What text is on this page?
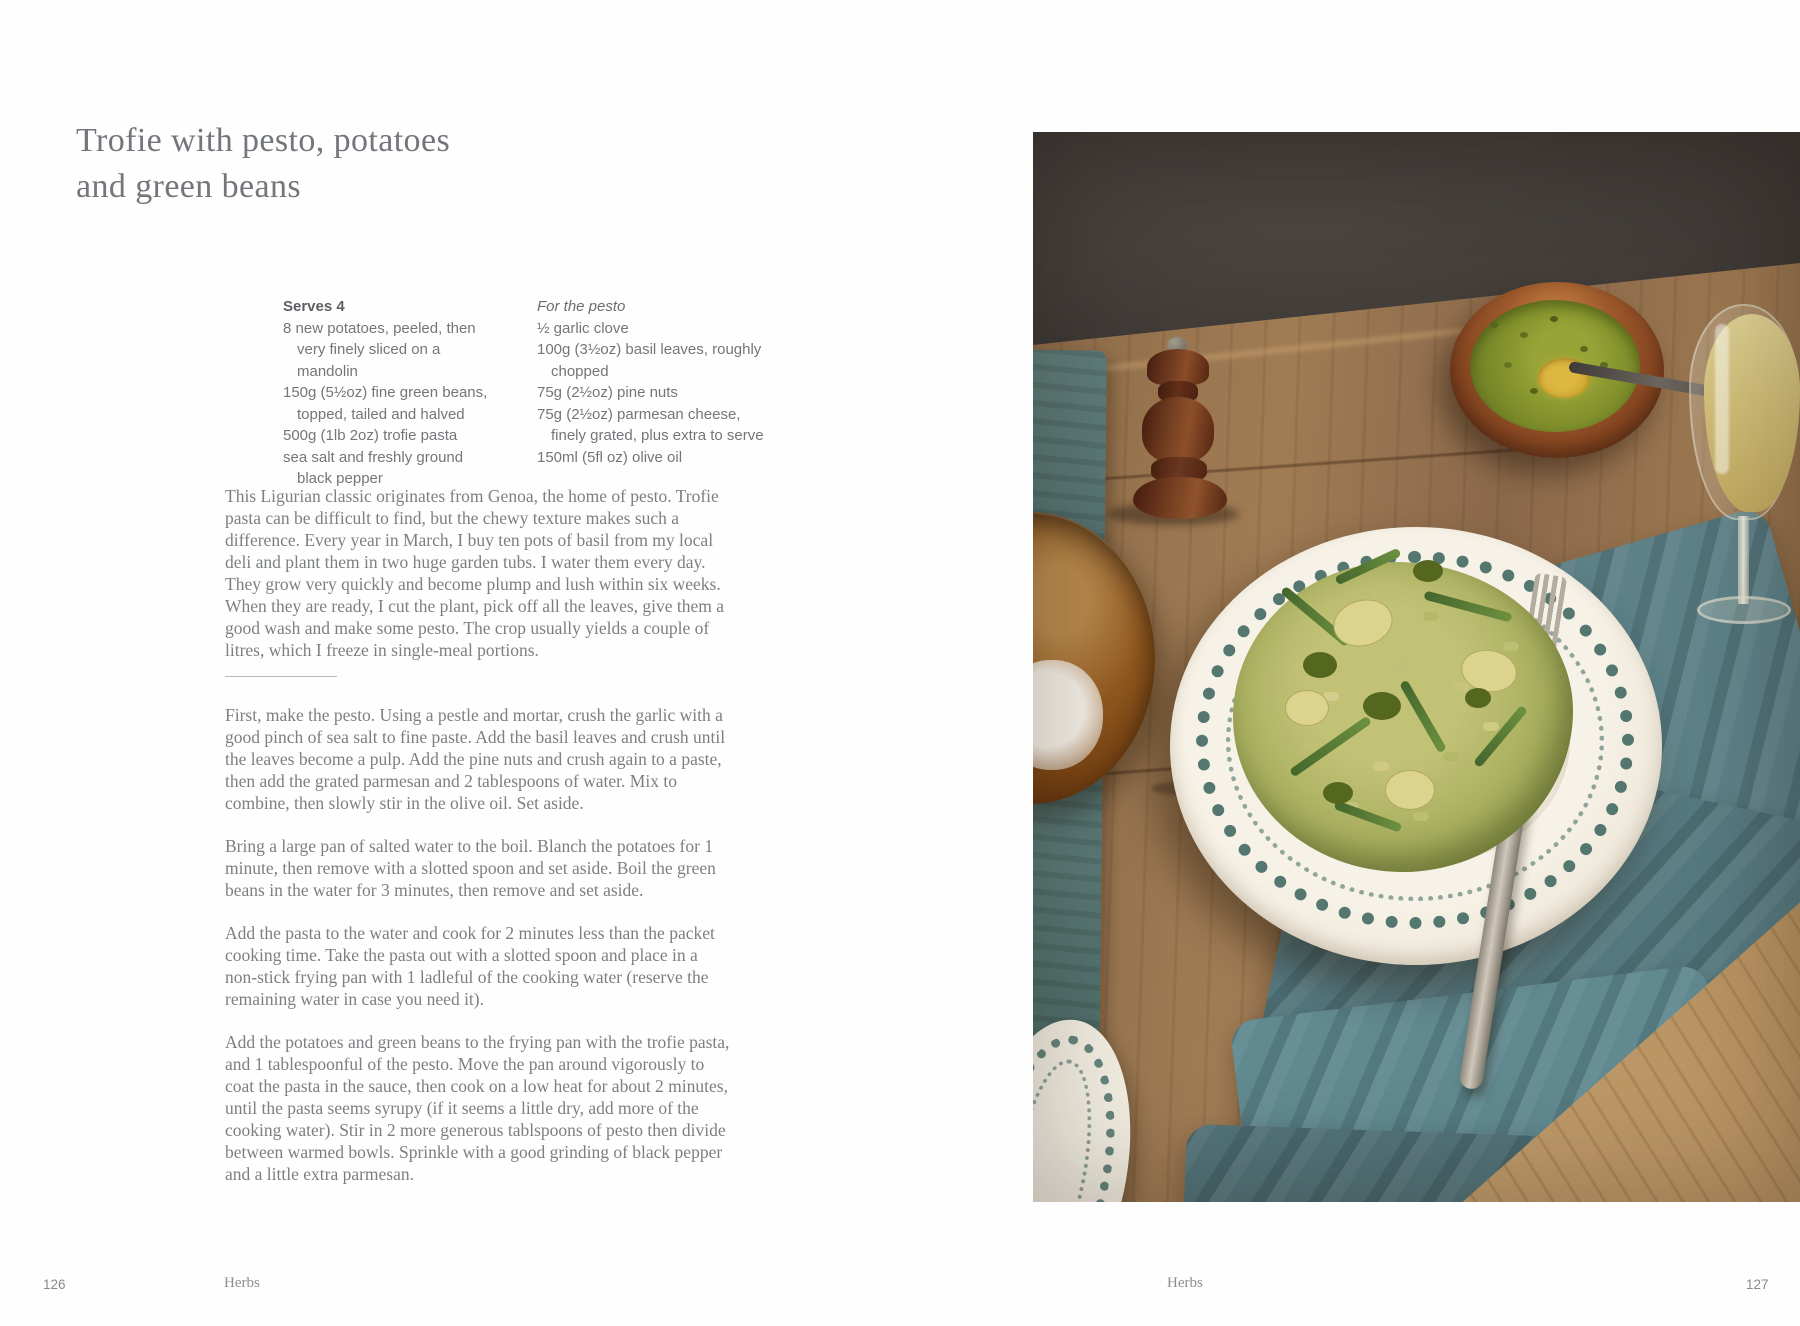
Trofie with pesto, potatoes
and green beans
Serves 4
8 new potatoes, peeled, then very finely sliced on a mandolin
150g (5½oz) fine green beans, topped, tailed and halved
500g (1lb 2oz) trofie pasta
sea salt and freshly ground black pepper
For the pesto
½ garlic clove
100g (3½oz) basil leaves, roughly chopped
75g (2½oz) pine nuts
75g (2½oz) parmesan cheese, finely grated, plus extra to serve
150ml (5fl oz) olive oil

This Ligurian classic originates from Genoa, the home of pesto. Trofie pasta can be difficult to find, but the chewy texture makes such a difference. Every year in March, I buy ten pots of basil from my local deli and plant them in two huge garden tubs. I water them every day. They grow very quickly and become plump and lush within six weeks. When they are ready, I cut the plant, pick off all the leaves, give them a good wash and make some pesto. The crop usually yields a couple of litres, which I freeze in single-meal portions.

First, make the pesto. Using a pestle and mortar, crush the garlic with a good pinch of sea salt to fine paste. Add the basil leaves and crush until the leaves become a pulp. Add the pine nuts and crush again to a paste, then add the grated parmesan and 2 tablespoons of water. Mix to combine, then slowly stir in the olive oil. Set aside.

Bring a large pan of salted water to the boil. Blanch the potatoes for 1 minute, then remove with a slotted spoon and set aside. Boil the green beans in the water for 3 minutes, then remove and set aside.

Add the pasta to the water and cook for 2 minutes less than the packet cooking time. Take the pasta out with a slotted spoon and place in a non-stick frying pan with 1 ladleful of the cooking water (reserve the remaining water in case you need it).

Add the potatoes and green beans to the frying pan with the trofie pasta, and 1 tablespoonful of the pesto. Move the pan around vigorously to coat the pasta in the sauce, then cook on a low heat for about 2 minutes, until the pasta seems syrupy (if it seems a little dry, add more of the cooking water). Stir in 2 more generous tablspoons of pesto then divide between warmed bowls. Sprinkle with a good grinding of black pepper and a little extra parmesan.

126	Herbs	Herbs	127
